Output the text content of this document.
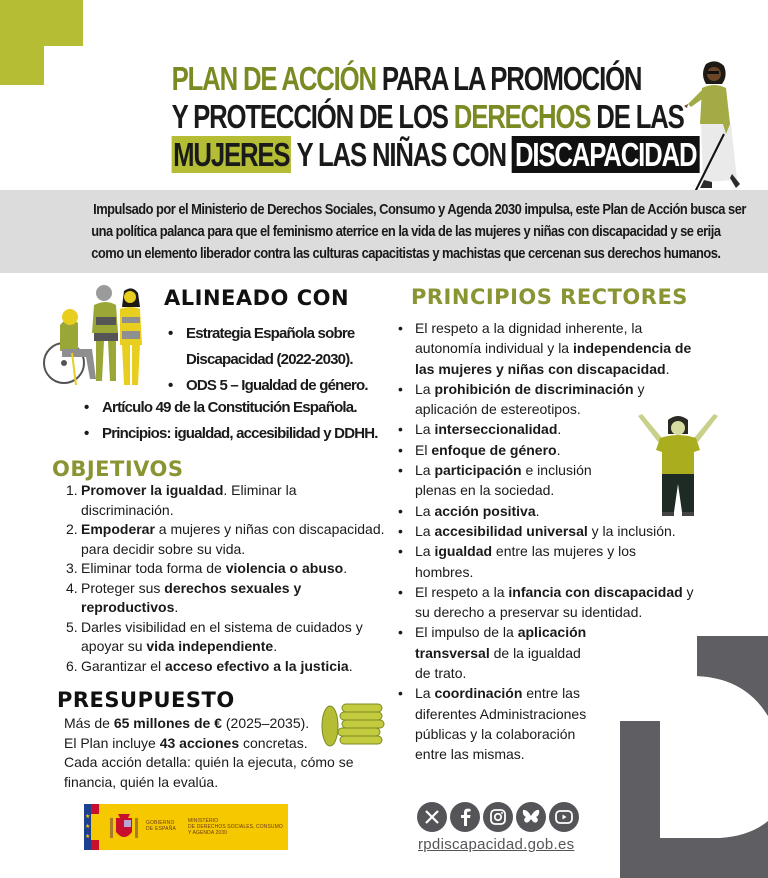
PLAN DE ACCIÓN PARA LA PROMOCIÓN
Y PROTECCIÓN DE LOS DERECHOS DE LAS
MUJERES Y LAS NIÑAS CON DISCAPACIDAD
Impulsado por el Ministerio de Derechos Sociales, Consumo y Agenda 2030 impulsa, este Plan de Acción busca ser
una política palanca para que el feminismo aterrice en la vida de las mujeres y niñas con discapacidad y se erija
como un elemento liberador contra las culturas capacitistas y machistas que cercenan sus derechos humanos.
ALINEADO CON
• Estrategia Española sobre
Discapacidad (2022-2030).
• ODS 5 – Igualdad de género.
• Artículo 49 de la Constitución Española.
• Principios: igualdad, accesibilidad y DDHH.
OBJETIVOS
1. Promover la igualdad. Eliminar la discriminación.
2. Empoderar a mujeres y niñas con discapacidad. para decidir sobre su vida.
3. Eliminar toda forma de violencia o abuso.
4. Proteger sus derechos sexuales y reproductivos.
5. Darles visibilidad en el sistema de cuidados y apoyar su vida independiente.
6. Garantizar el acceso efectivo a la justicia.
PRESUPUESTO
Más de 65 millones de € (2025–2035).
El Plan incluye 43 acciones concretas.
Cada acción detalla: quién la ejecuta, cómo se financia, quién la evalúa.
★
★
★
GOBIERNO
DE ESPAÑA
MINISTERIO
DE DERECHOS SOCIALES, CONSUMO
Y AGENDA 2030
PRINCIPIOS RECTORES
• El respeto a la dignidad inherente, la autonomía individual y la independencia de las mujeres y niñas con discapacidad.
• La prohibición de discriminación y aplicación de estereotipos.
• La interseccionalidad.
• El enfoque de género.
• La participación e inclusión plenas en la sociedad.
• La acción positiva.
• La accesibilidad universal y la inclusión.
• La igualdad entre las mujeres y los hombres.
• El respeto a la infancia con discapacidad y su derecho a preservar su identidad.
• El impulso de la aplicación transversal de la igualdad de trato.
• La coordinación entre las diferentes Administraciones públicas y la colaboración entre las mismas.
rpdiscapacidad.gob.es
